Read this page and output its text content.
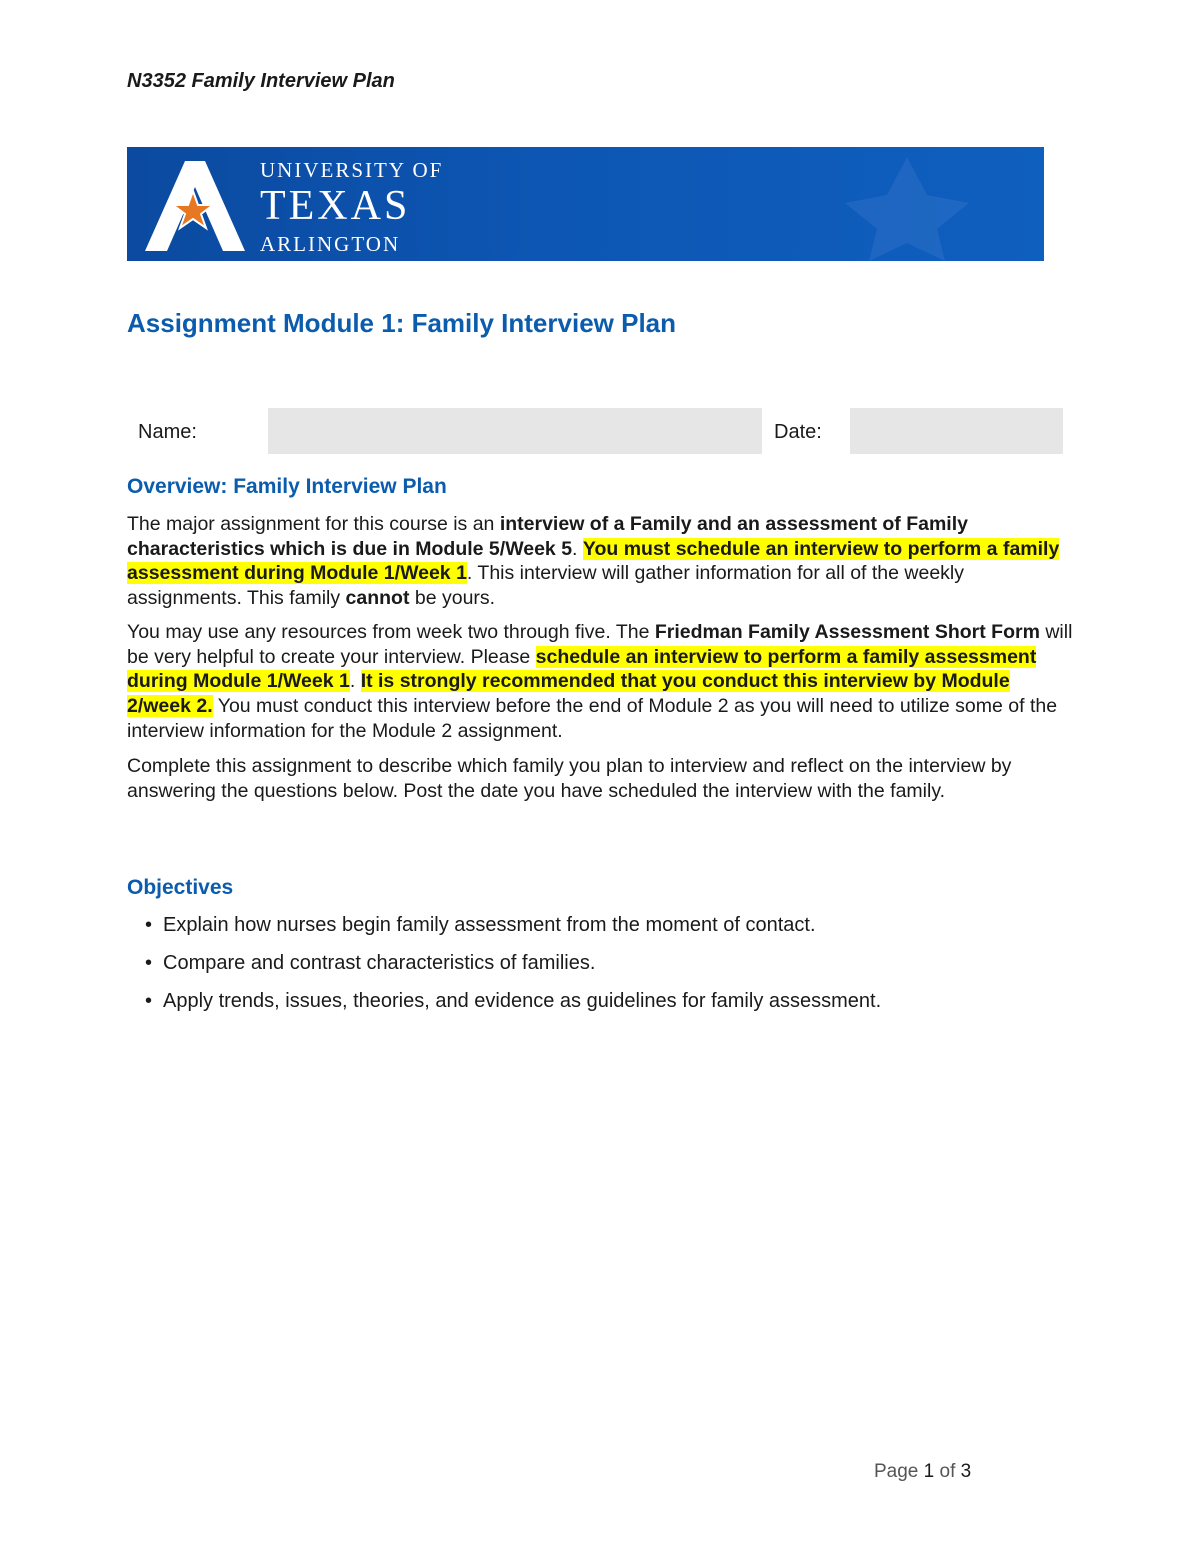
N3352 Family Interview Plan
UNIVERSITY OF
TEXAS
ARLINGTON
Assignment Module 1: Family Interview Plan
Name:	Date:
Overview: Family Interview Plan

The major assignment for this course is an interview of a Family and an assessment of Family characteristics which is due in Module 5/Week 5. You must schedule an interview to perform a family assessment during Module 1/Week 1. This interview will gather information for all of the weekly assignments. This family cannot be yours.

You may use any resources from week two through five. The Friedman Family Assessment Short Form will be very helpful to create your interview. Please schedule an interview to perform a family assessment during Module 1/Week 1. It is strongly recommended that you conduct this interview by Module 2/week 2. You must conduct this interview before the end of Module 2 as you will need to utilize some of the interview information for the Module 2 assignment.

Complete this assignment to describe which family you plan to interview and reflect on the interview by answering the questions below. Post the date you have scheduled the interview with the family.

Objectives
• Explain how nurses begin family assessment from the moment of contact.
• Compare and contrast characteristics of families.
• Apply trends, issues, theories, and evidence as guidelines for family assessment.
Page 1 of 3
